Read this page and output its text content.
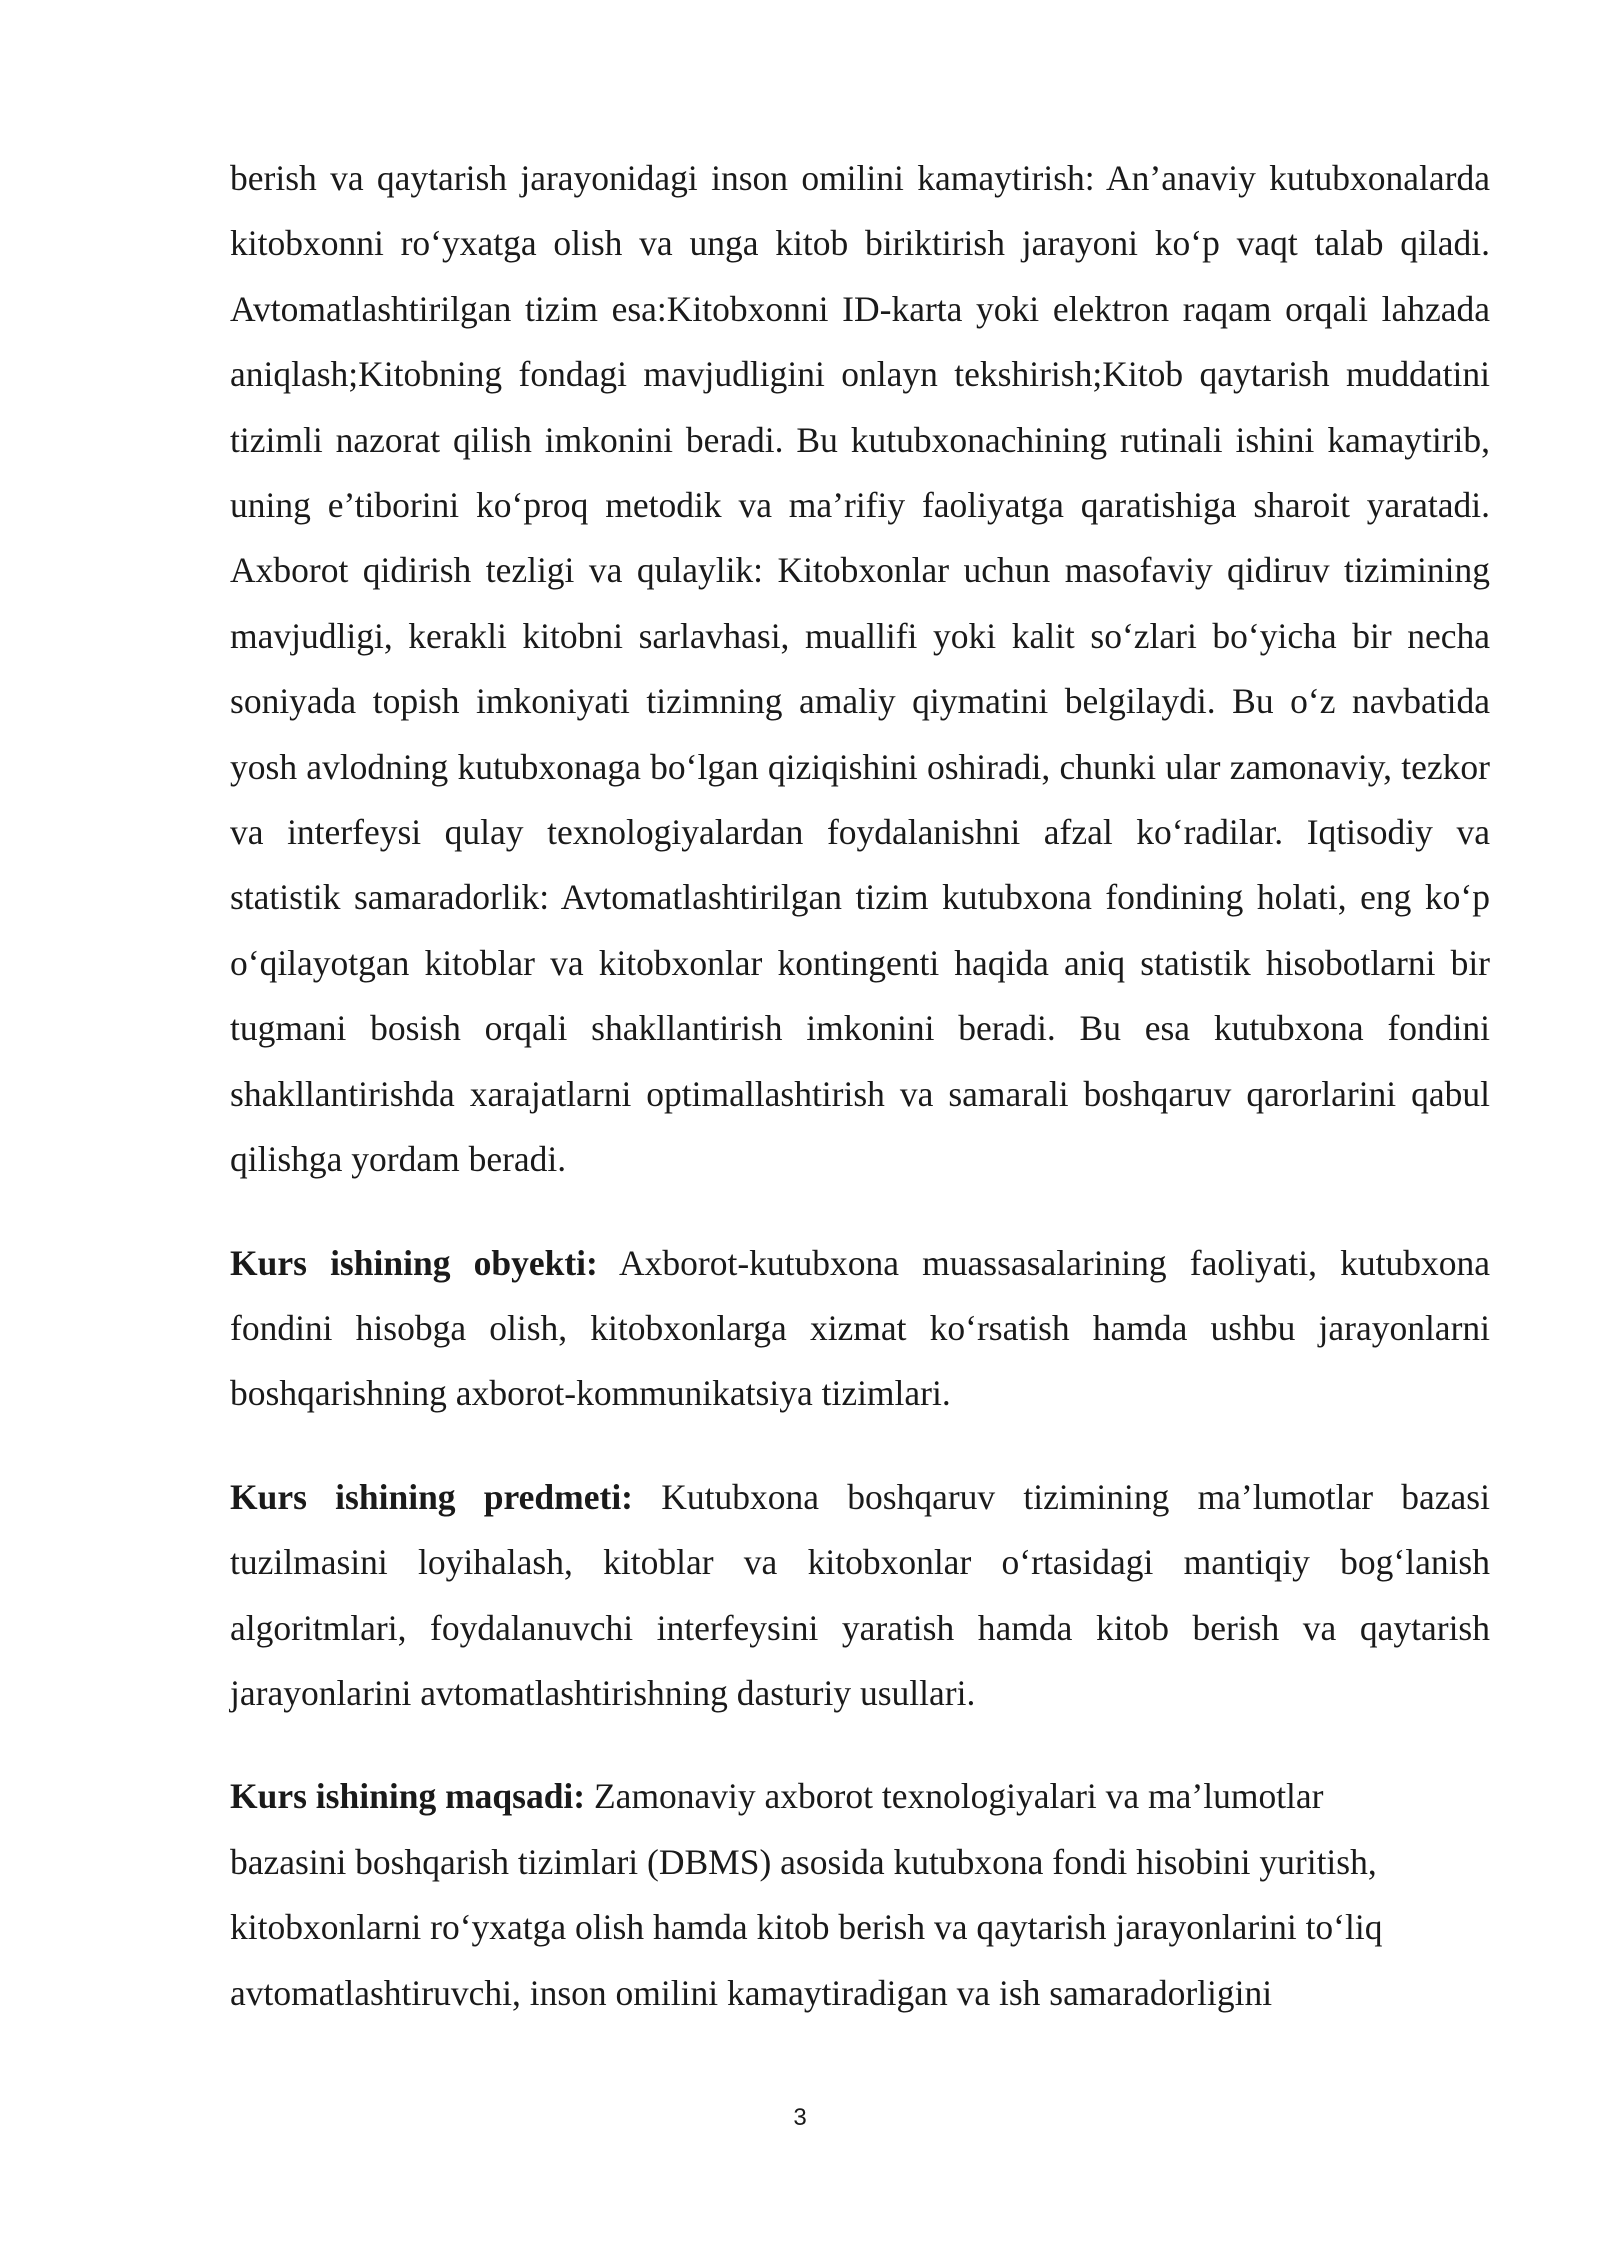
berish va qaytarish jarayonidagi inson omilini kamaytirish: An’anaviy kutubxonalarda kitobxonni ro‘yxatga olish va unga kitob biriktirish jarayoni ko‘p vaqt talab qiladi. Avtomatlashtirilgan tizim esa:Kitobxonni ID-karta yoki elektron raqam orqali lahzada aniqlash;Kitobning fondagi mavjudligini onlayn tekshirish;Kitob qaytarish muddatini tizimli nazorat qilish imkonini beradi. Bu kutubxonachining rutinali ishini kamaytirib, uning e’tiborini ko‘proq metodik va ma’rifiy faoliyatga qaratishiga sharoit yaratadi. Axborot qidirish tezligi va qulaylik: Kitobxonlar uchun masofaviy qidiruv tizimining mavjudligi, kerakli kitobni sarlavhasi, muallifi yoki kalit so‘zlari bo‘yicha bir necha soniyada topish imkoniyati tizimning amaliy qiymatini belgilaydi. Bu o‘z navbatida yosh avlodning kutubxonaga bo‘lgan qiziqishini oshiradi, chunki ular zamonaviy, tezkor va interfeysi qulay texnologiyalardan foydalanishni afzal ko‘radilar. Iqtisodiy va statistik samaradorlik: Avtomatlashtirilgan tizim kutubxona fondining holati, eng ko‘p o‘qilayotgan kitoblar va kitobxonlar kontingenti haqida aniq statistik hisobotlarni bir tugmani bosish orqali shakllantirish imkonini beradi. Bu esa kutubxona fondini shakllantirishda xarajatlarni optimallashtirish va samarali boshqaruv qarorlarini qabul qilishga yordam beradi.

Kurs ishining obyekti: Axborot-kutubxona muassasalarining faoliyati, kutubxona fondini hisobga olish, kitobxonlarga xizmat ko‘rsatish hamda ushbu jarayonlarni boshqarishning axborot-kommunikatsiya tizimlari.

Kurs ishining predmeti: Kutubxona boshqaruv tizimining ma’lumotlar bazasi tuzilmasini loyihalash, kitoblar va kitobxonlar o‘rtasidagi mantiqiy bog‘lanish algoritmlari, foydalanuvchi interfeysini yaratish hamda kitob berish va qaytarish jarayonlarini avtomatlashtirishning dasturiy usullari.

Kurs ishining maqsadi: Zamonaviy axborot texnologiyalari va ma’lumotlar
bazasini boshqarish tizimlari (DBMS) asosida kutubxona fondi hisobini yuritish,
kitobxonlarni ro‘yxatga olish hamda kitob berish va qaytarish jarayonlarini to‘liq
avtomatlashtiruvchi, inson omilini kamaytiradigan va ish samaradorligini

3
